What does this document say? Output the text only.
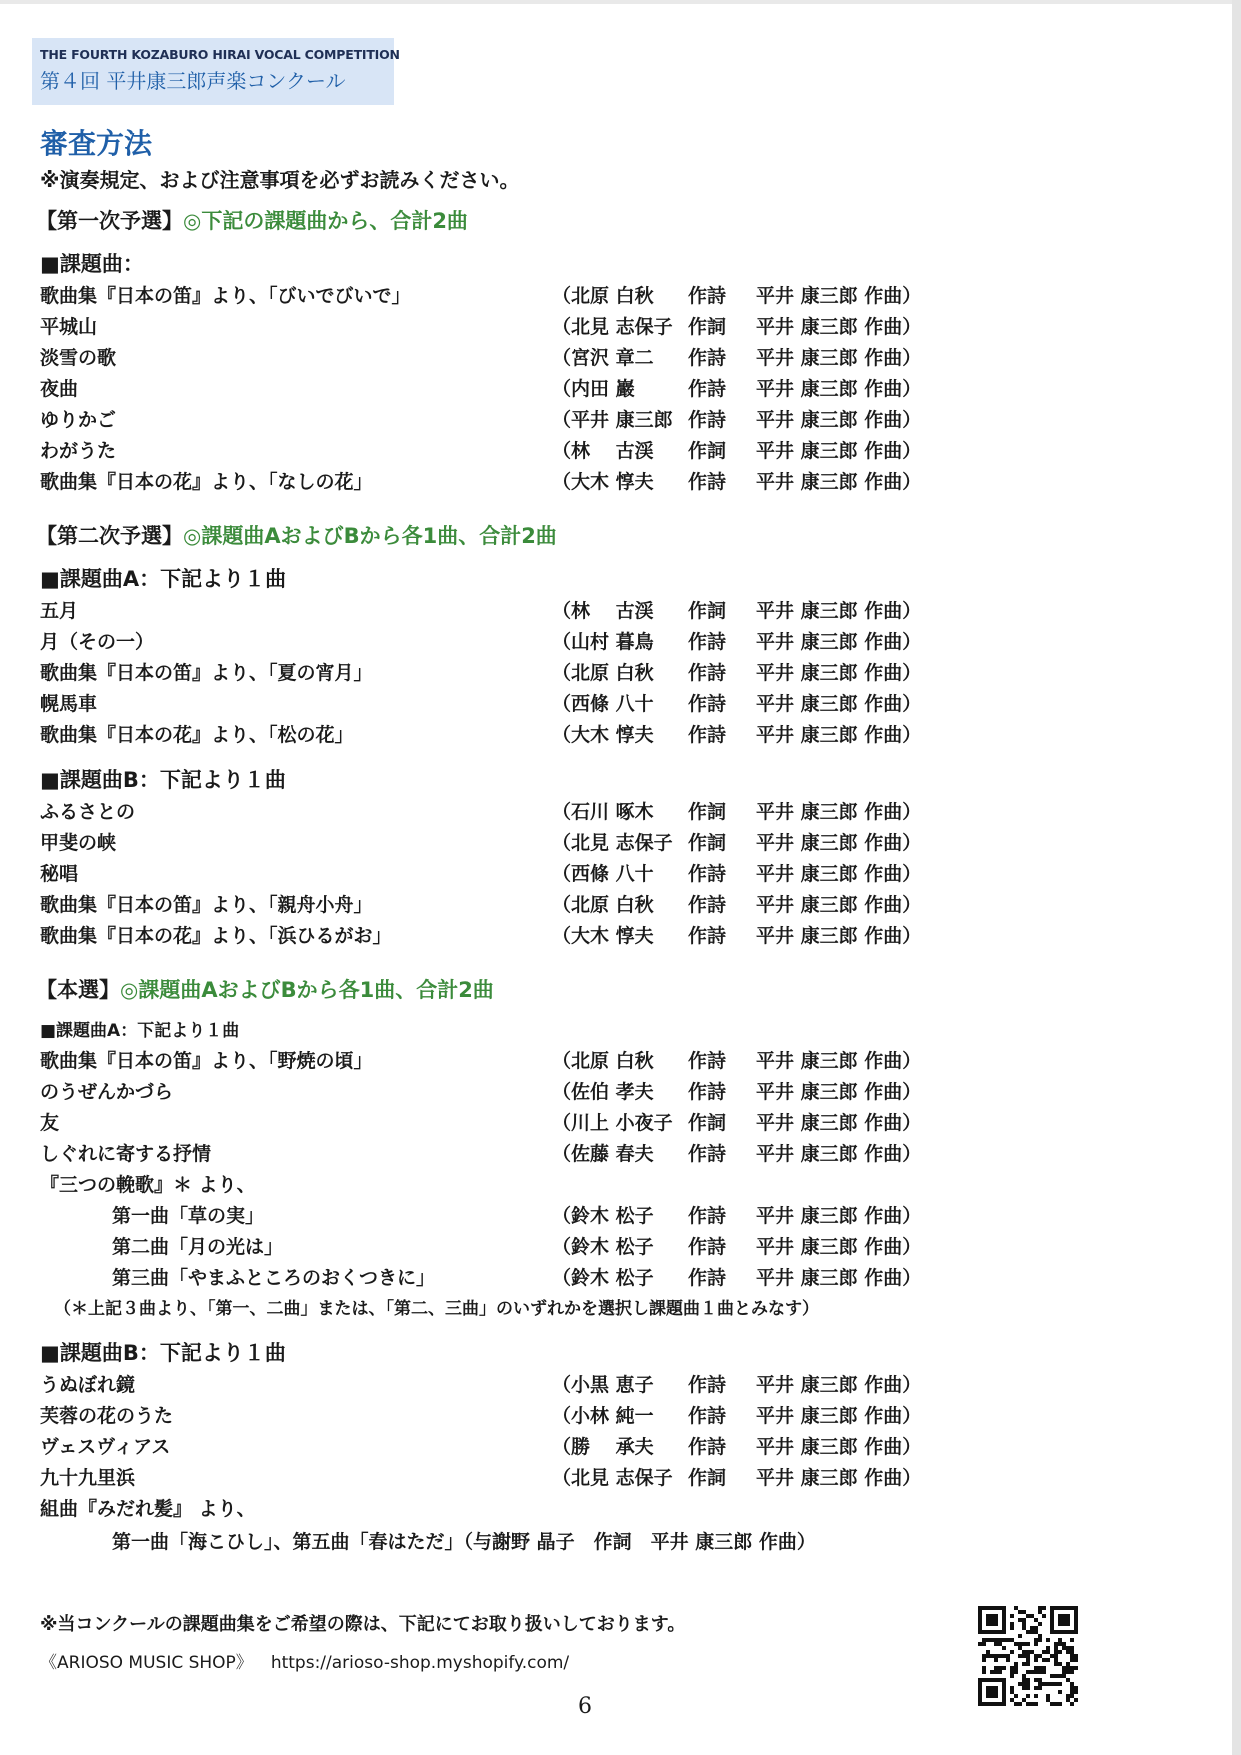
THE FOURTH KOZABURO HIRAI VOCAL COMPETITION
第４回 平井康三郎声楽コンクール
審査方法
※演奏規定、および注意事項を必ずお読みください。
【第一次予選】◎下記の課題曲から、合計2曲
■課題曲：
歌曲集『日本の笛』より、「びいでびいで」	（北原 白秋 作詩 平井 康三郎 作曲）
平城山	（北見 志保子 作詞 平井 康三郎 作曲）
淡雪の歌	（宮沢 章二 作詩 平井 康三郎 作曲）
夜曲	（内田 巖	作詩 平井 康三郎 作曲）
ゆりかご	（平井 康三郎 作詩 平井 康三郎 作曲）
わがうた	（林　 古渓 作詞 平井 康三郎 作曲）
歌曲集『日本の花』より、「なしの花」	（大木 惇夫 作詩 平井 康三郎 作曲）
【第二次予選】◎課題曲AおよびBから各1曲、合計2曲
■課題曲A：下記より１曲
五月	（林　 古渓 作詞 平井 康三郎 作曲）
月（その一）	（山村 暮鳥 作詩 平井 康三郎 作曲）
歌曲集『日本の笛』より、「夏の宵月」	（北原 白秋 作詩 平井 康三郎 作曲）
幌馬車	（西條 八十 作詩 平井 康三郎 作曲）
歌曲集『日本の花』より、「松の花」	（大木 惇夫 作詩 平井 康三郎 作曲）
■課題曲B：下記より１曲
ふるさとの	（石川 啄木 作詞 平井 康三郎 作曲）
甲斐の峡	（北見 志保子 作詞 平井 康三郎 作曲）
秘唱	（西條 八十 作詩 平井 康三郎 作曲）
歌曲集『日本の笛』より、「親舟小舟」	（北原 白秋 作詩 平井 康三郎 作曲）
歌曲集『日本の花』より、「浜ひるがお」	（大木 惇夫 作詩 平井 康三郎 作曲）
【本選】◎課題曲AおよびBから各1曲、合計2曲
■課題曲A：下記より１曲
歌曲集『日本の笛』より、「野焼の頃」	（北原 白秋 作詩 平井 康三郎 作曲）
のうぜんかづら	（佐伯 孝夫 作詩 平井 康三郎 作曲）
友	（川上 小夜子 作詞 平井 康三郎 作曲）
しぐれに寄する抒情	（佐藤 春夫 作詩 平井 康三郎 作曲）
『三つの輓歌』＊ より、
第一曲「草の実」	（鈴木 松子 作詩 平井 康三郎 作曲）
第二曲「月の光は」	（鈴木 松子 作詩 平井 康三郎 作曲）
第三曲「やまふところのおくつきに」	（鈴木 松子 作詩 平井 康三郎 作曲）
（＊上記３曲より、「第一、二曲」または、「第二、三曲」のいずれかを選択し課題曲１曲とみなす）
■課題曲B：下記より１曲
うぬぼれ鏡	（小黒 恵子 作詩 平井 康三郎 作曲）
芙蓉の花のうた	（小林 純一 作詩 平井 康三郎 作曲）
ヴェスヴィアス	（勝　 承夫 作詩 平井 康三郎 作曲）
九十九里浜	（北見 志保子 作詞 平井 康三郎 作曲）
組曲『みだれ髪』 より、
第一曲「海こひし」、第五曲「春はただ」（与謝野 晶子　作詞　平井 康三郎 作曲）
※当コンクールの課題曲集をご希望の際は、下記にてお取り扱いしております。
《ARIOSO MUSIC SHOP》 https://arioso-shop.myshopify.com/
6
